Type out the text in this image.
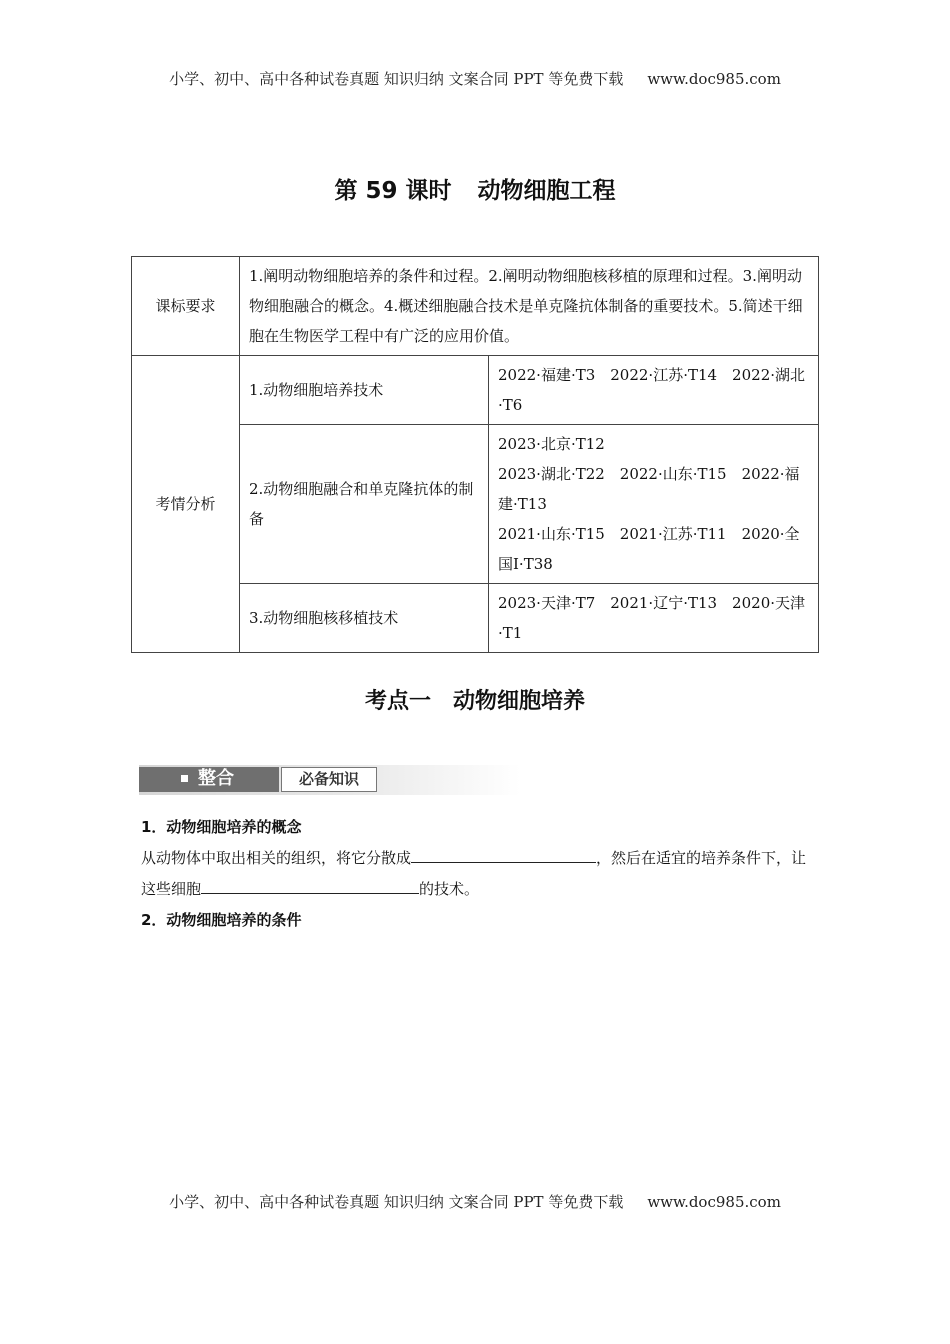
小学、初中、高中各种试卷真题 知识归纳 文案合同 PPT 等免费下载 www.doc985.com
第 59 课时 动物细胞工程
课标要求	1.阐明动物细胞培养的条件和过程。2.阐明动物细胞核移植的原理和过程。3.阐明动物细胞融合的概念。4.概述细胞融合技术是单克隆抗体制备的重要技术。5.简述干细胞在生物医学工程中有广泛的应用价值。	
考情分析	1.动物细胞培养技术	2022·福建·T3　2022·江苏·T14　2022·湖北·T6

	2.动物细胞融合和单克隆抗体的制备	2023·北京·T12
2023·湖北·T22　2022·山东·T15　2022·福建·T13
2021·山东·T15　2021·江苏·T11　2020·全国Ⅰ·T38

	3.动物细胞核移植技术	2023·天津·T7　2021·辽宁·T13　2020·天津·T1
考点一 动物细胞培养
整合	必备知识
1．动物细胞培养的概念
从动物体中取出相关的组织，将它分散成	，然后在适宜的培养条件下，让这些细胞	的技术。
2．动物细胞培养的条件
小学、初中、高中各种试卷真题 知识归纳 文案合同 PPT 等免费下载 www.doc985.com
